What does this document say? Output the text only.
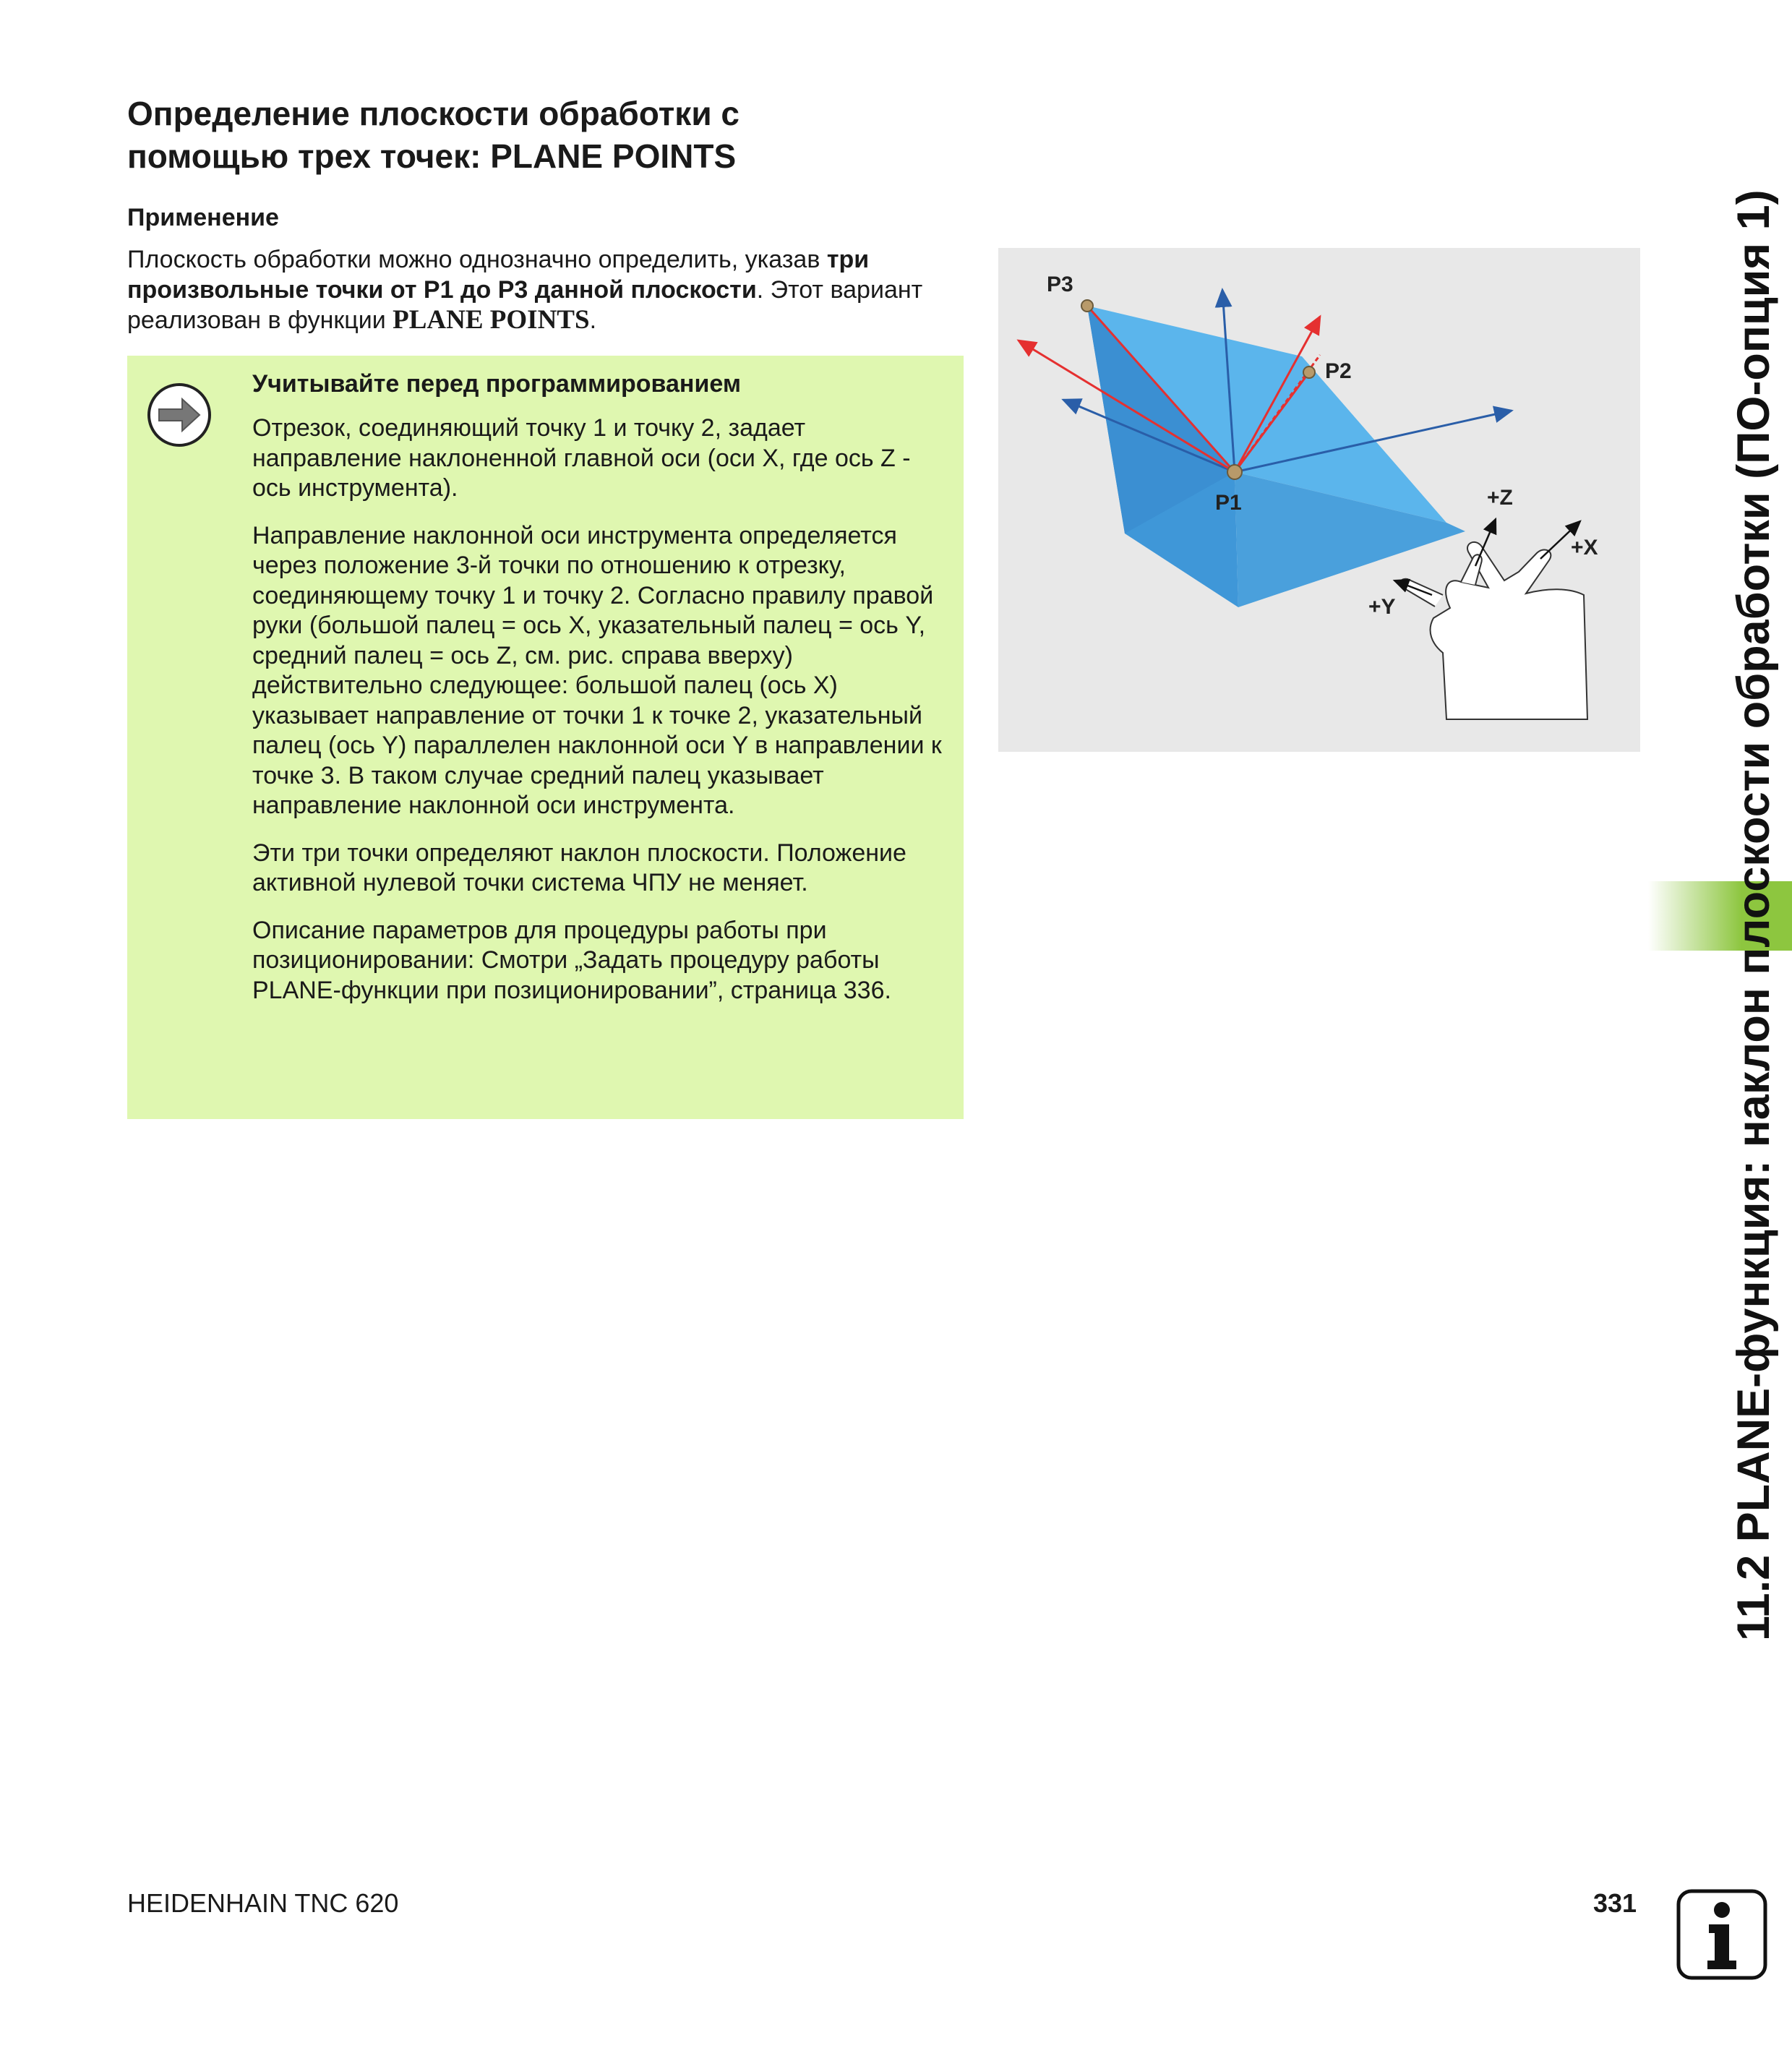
Определение плоскости обработки с
помощью трех точек: PLANE POINTS
Применение

Плоскость обработки можно однозначно определить, указав три произвольные точки от Р1 до Р3 данной плоскости. Этот вариант реализован в функции PLANE POINTS.

Учитывайте перед программированием

Отрезок, соединяющий точку 1 и точку 2, задает направление наклоненной главной оси (оси X, где ось Z - ось инструмента).

Направление наклонной оси инструмента определяется через положение 3-й точки по отношению к отрезку, соединяющему точку 1 и точку 2. Согласно правилу правой руки (большой палец = ось X, указательный палец = ось Y, средний палец = ось Z, см. рис. справа вверху) действительно следующее: большой палец (ось X) указывает направление от точки 1 к точке 2, указательный палец (ось Y) параллелен наклонной оси Y в направлении к точке 3. В таком случае средний палец указывает направление наклонной оси инструмента.

Эти три точки определяют наклон плоскости. Положение активной нулевой точки система ЧПУ не меняет.

Описание параметров для процедуры работы при позиционировании: Смотри „Задать процедуру работы PLANE-функции при позиционировании”, страница 336.

P1
P2
P3
+Z
+X
+Y	11.2 PLANE-функция: наклон плоскости обработки (ПО-опция 1)
HEIDENHAIN TNC 620	331
